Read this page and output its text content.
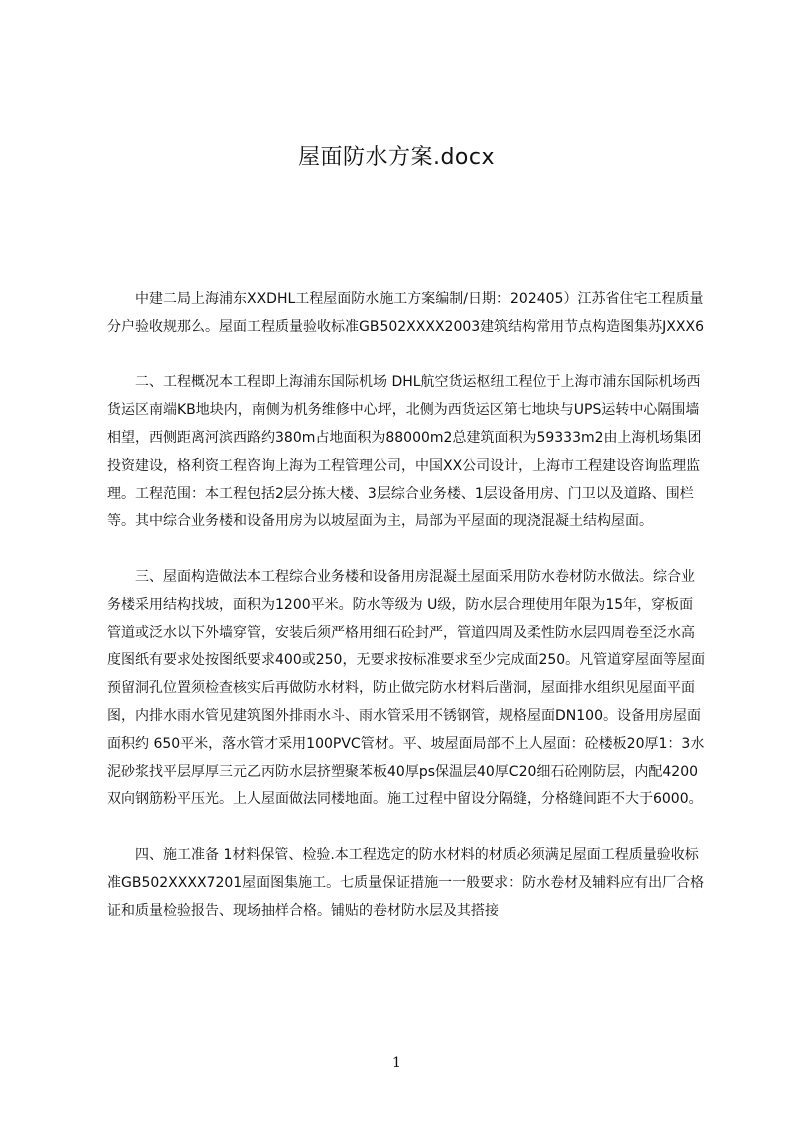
屋面防水方案.docx

中建二局上海浦东XXDHL工程屋面防水施工方案编制/日期：202405）江苏省住宅工程质量分户验收规那么。屋面工程质量验收标准GB502XXXX2003建筑结构常用节点构造图集苏JXXX6

二、工程概况本工程即上海浦东国际机场 DHL航空货运枢纽工程位于上海市浦东国际机场西货运区南端KB地块内，南侧为机务维修中心坪，北侧为西货运区第七地块与UPS运转中心隔围墙相望，西侧距离河滨西路约380m占地面积为88000m2总建筑面积为59333m2由上海机场集团投资建设，格利资工程咨询上海为工程管理公司，中国XX公司设计，上海市工程建设咨询监理监理。工程范围：本工程包括2层分拣大楼、3层综合业务楼、1层设备用房、门卫以及道路、围栏等。其中综合业务楼和设备用房为以坡屋面为主，局部为平屋面的现浇混凝土结构屋面。

三、屋面构造做法本工程综合业务楼和设备用房混凝土屋面采用防水卷材防水做法。综合业务楼采用结构找坡，面积为1200平米。防水等级为 U级，防水层合理使用年限为15年，穿板面管道或泛水以下外墙穿管，安装后须严格用细石砼封严，管道四周及柔性防水层四周卷至泛水高度图纸有要求处按图纸要求400或250，无要求按标准要求至少完成面250。凡管道穿屋面等屋面预留洞孔位置须检查核实后再做防水材料，防止做完防水材料后凿洞，屋面排水组织见屋面平面图，内排水雨水管见建筑图外排雨水斗、雨水管采用不锈钢管，规格屋面DN100。设备用房屋面面积约 650平米，落水管才采用100PVC管材。平、坡屋面局部不上人屋面：砼楼板20厚1：3水泥砂浆找平层厚厚三元乙丙防水层挤塑聚苯板40厚ps保温层40厚C20细石砼刚防层，内配4200双向钢筋粉平压光。上人屋面做法同楼地面。施工过程中留设分隔缝，分格缝间距不大于6000。

四、施工准备 1材料保管、检验.本工程选定的防水材料的材质必须满足屋面工程质量验收标准GB502XXXX7201屋面图集施工。七质量保证措施一一般要求：防水卷材及辅料应有出厂合格证和质量检验报告、现场抽样合格。铺贴的卷材防水层及其搭接

1
